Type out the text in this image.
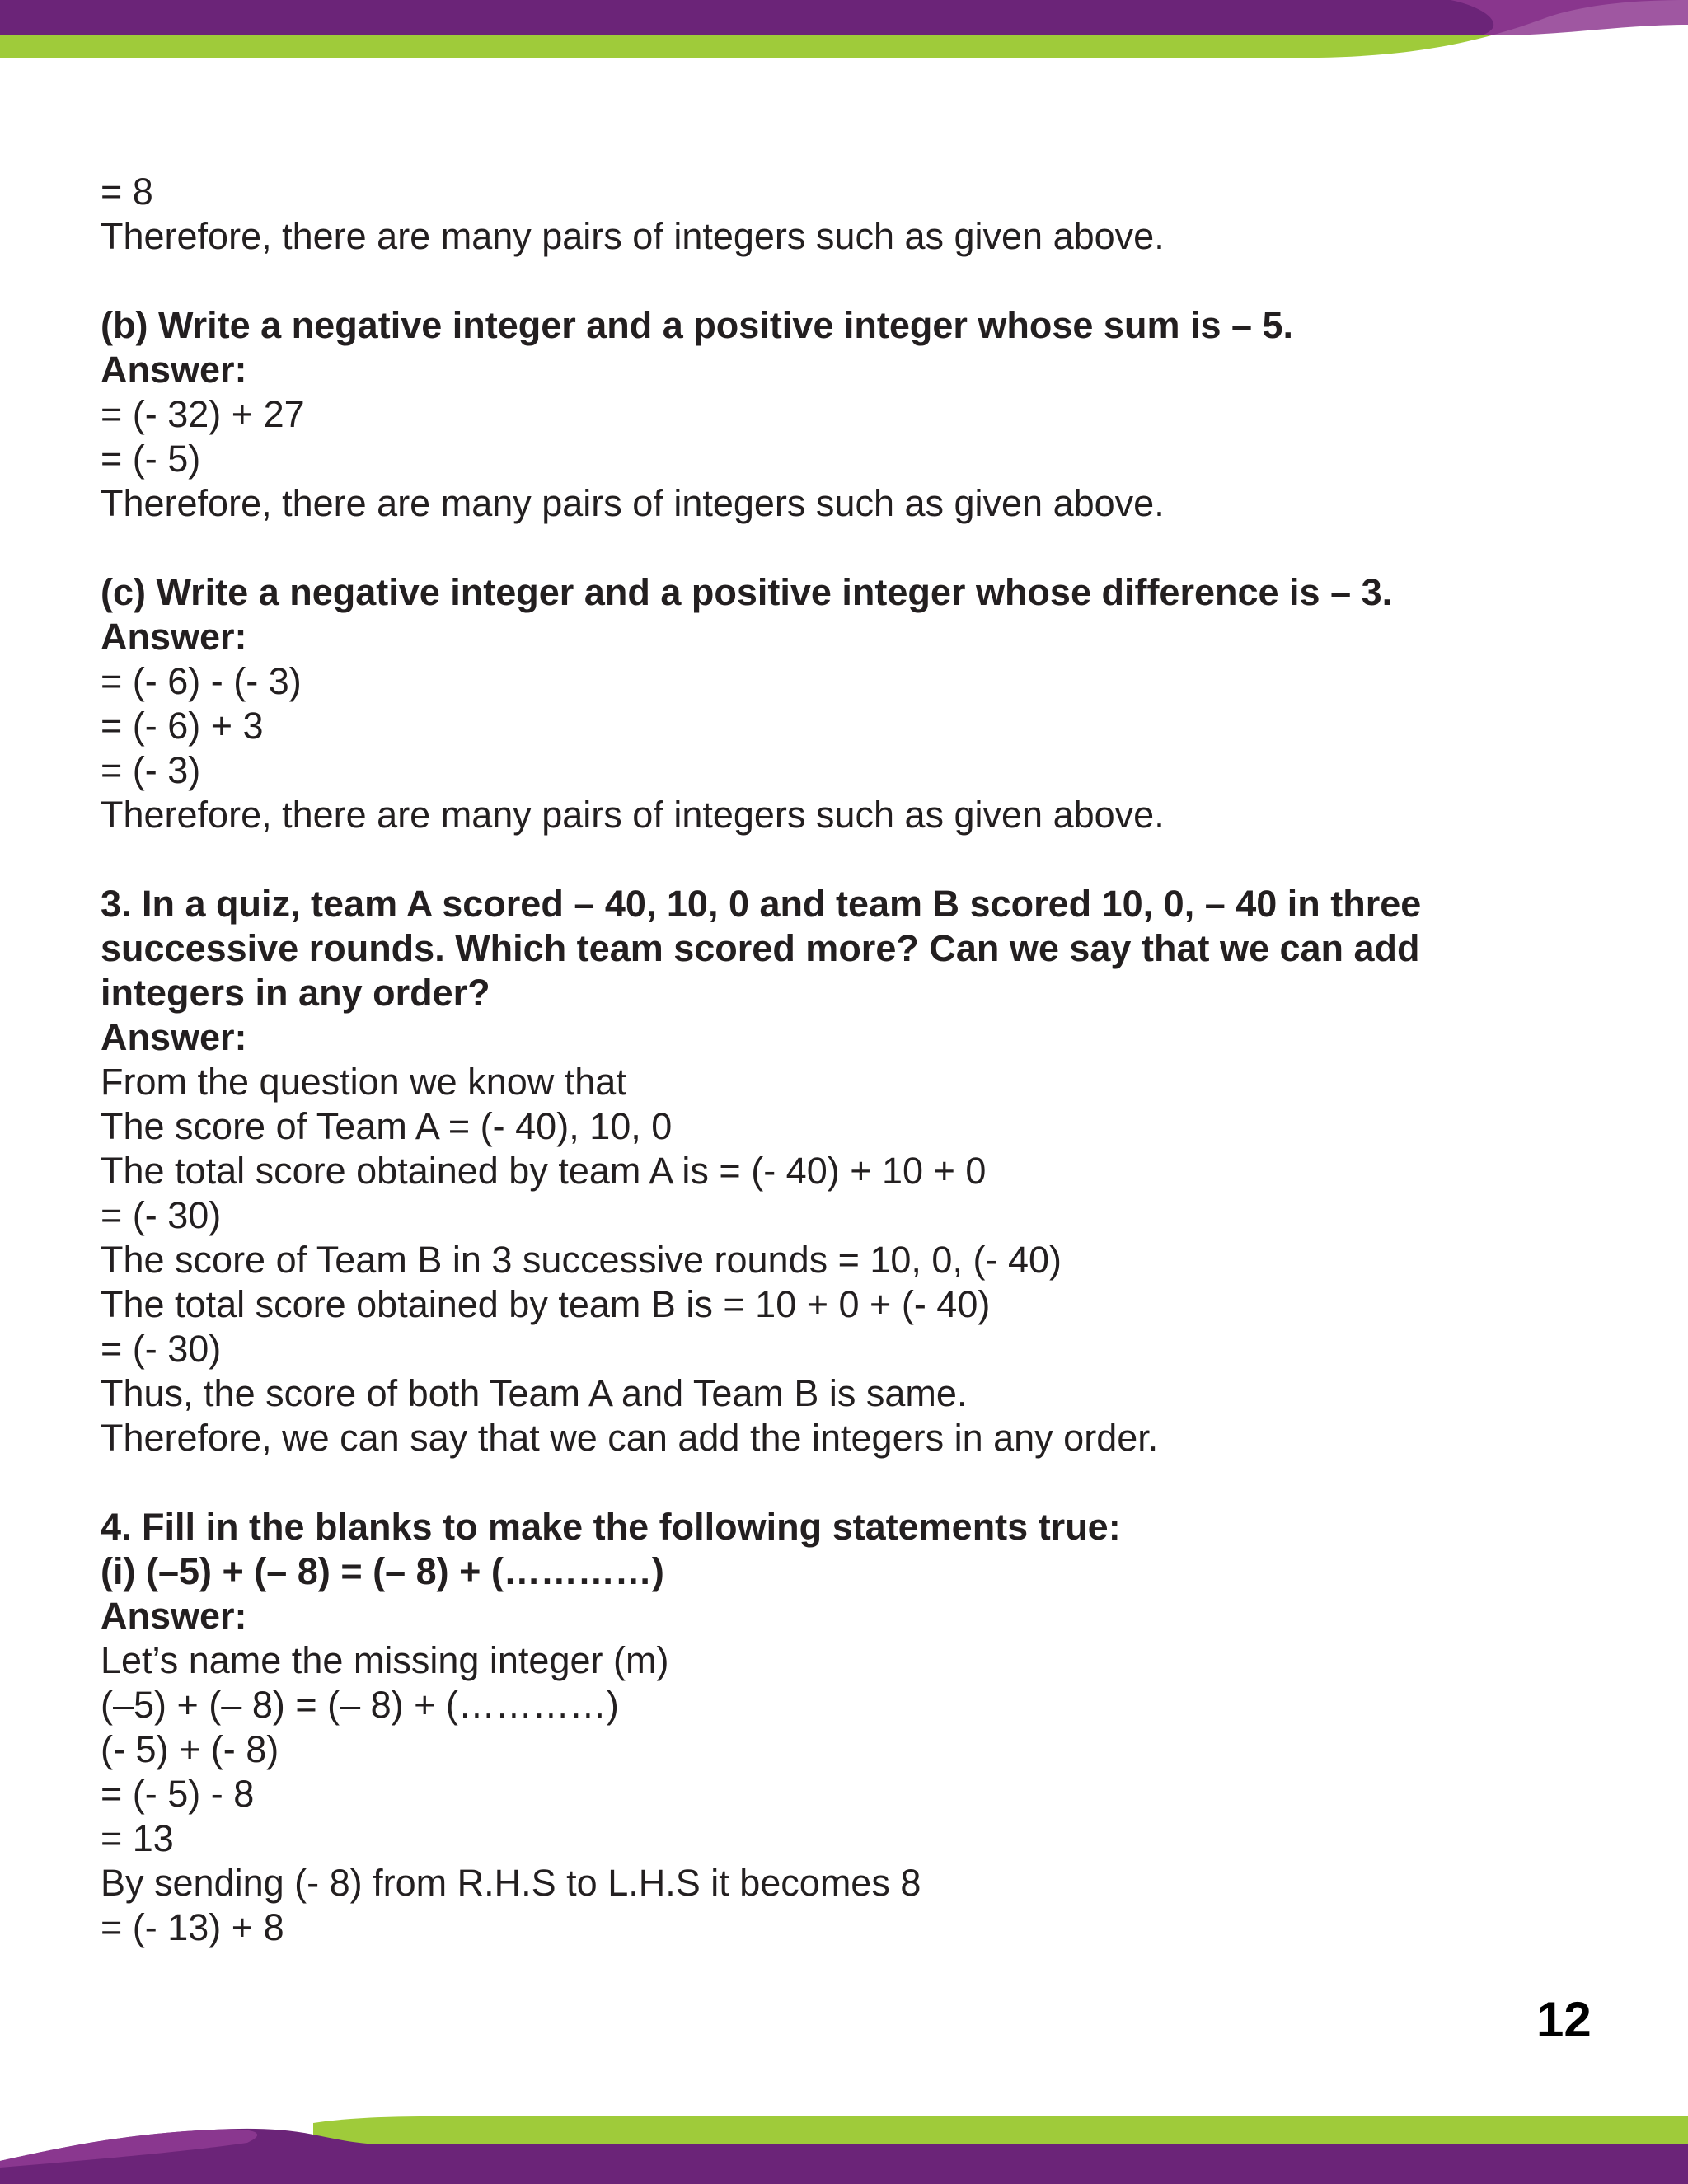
= 8
Therefore, there are many pairs of integers such as given above.
(b) Write a negative integer and a positive integer whose sum is – 5.
Answer:
= (- 32) + 27
= (- 5)
Therefore, there are many pairs of integers such as given above.
(c) Write a negative integer and a positive integer whose difference is – 3.
Answer:
= (- 6) - (- 3)
= (- 6) + 3
= (- 3)
Therefore, there are many pairs of integers such as given above.
3. In a quiz, team A scored – 40, 10, 0 and team B scored 10, 0, – 40 in three
successive rounds. Which team scored more? Can we say that we can add
integers in any order?
Answer:
From the question we know that
The score of Team A = (- 40), 10, 0
The total score obtained by team A is = (- 40) + 10 + 0
= (- 30)
The score of Team B in 3 successive rounds = 10, 0, (- 40)
The total score obtained by team B is = 10 + 0 + (- 40)
= (- 30)
Thus, the score of both Team A and Team B is same.
Therefore, we can say that we can add the integers in any order.
4. Fill in the blanks to make the following statements true:
(i) (–5) + (– 8) = (– 8) + (…………)
Answer:
Let’s name the missing integer (m)
(–5) + (– 8) = (– 8) + (…………)
(- 5) + (- 8)
= (- 5) - 8
= 13
By sending (- 8) from R.H.S to L.H.S it becomes 8
= (- 13) + 8
12
